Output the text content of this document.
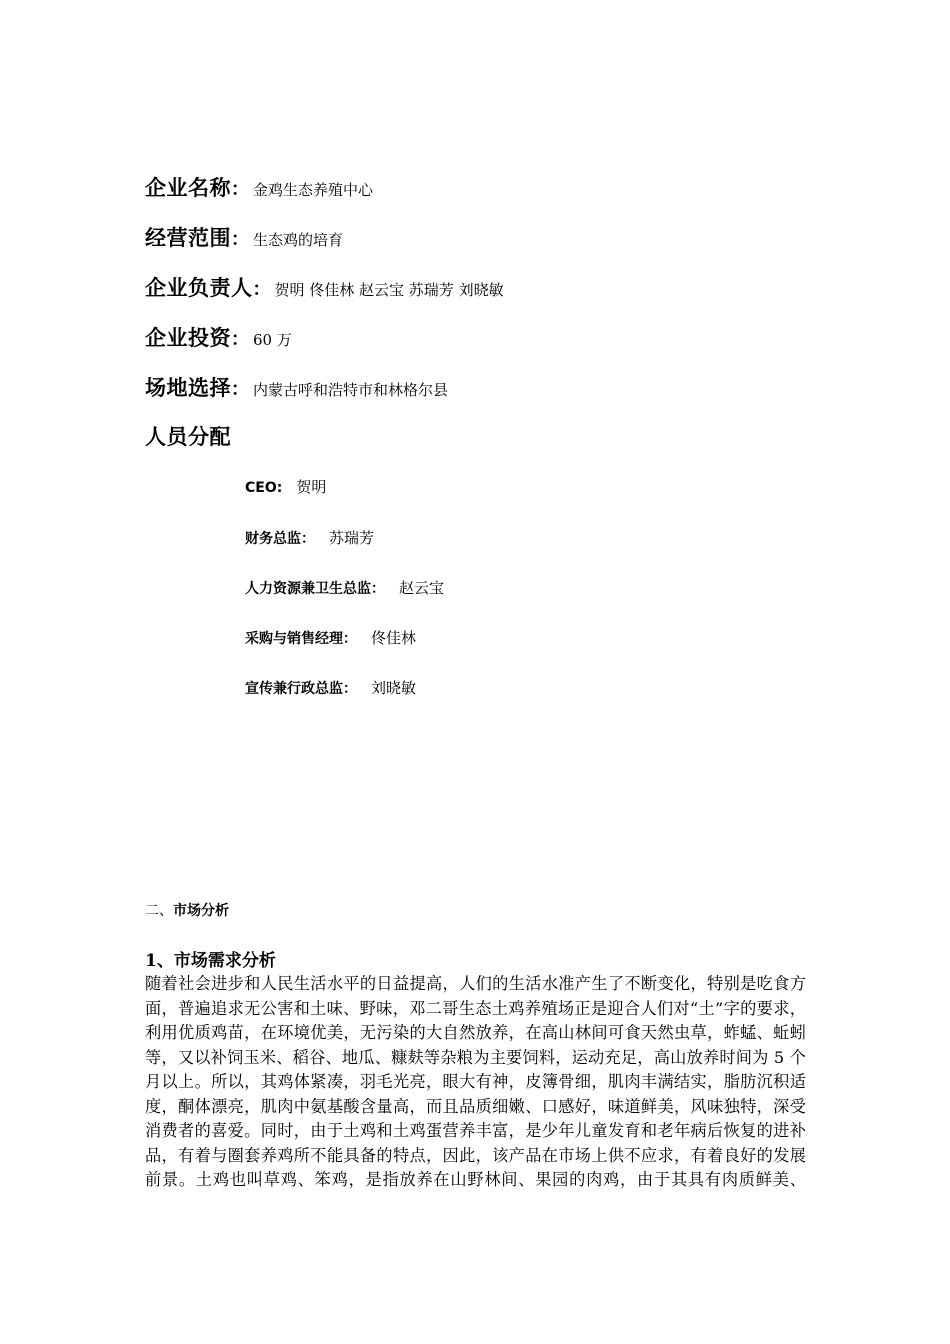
企业名称： 金鸡生态养殖中心
经营范围： 生态鸡的培育
企业负责人： 贺明 佟佳林 赵云宝 苏瑞芳 刘晓敏
企业投资： 60 万
场地选择： 内蒙古呼和浩特市和林格尔县
人员分配
CEO: 贺明
财务总监： 苏瑞芳
人力资源兼卫生总监： 赵云宝
采购与销售经理： 佟佳林
宣传兼行政总监： 刘晓敏
二、市场分析
1、市场需求分析
随着社会进步和人民生活水平的日益提高，人们的生活水准产生了不断变化，特别是吃食方面，普遍追求无公害和土味、野味，邓二哥生态土鸡养殖场正是迎合人们对“土”字的要求，利用优质鸡苗，在环境优美，无污染的大自然放养，在高山林间可食天然虫草，蚱蜢、蚯蚓等，又以补饲玉米、稻谷、地瓜、糠麸等杂粮为主要饲料，运动充足，高山放养时间为 5 个月以上。所以，其鸡体紧凑，羽毛光亮，眼大有神，皮簿骨细，肌肉丰满结实，脂肪沉积适度，酮体漂亮，肌肉中氨基酸含量高，而且品质细嫩、口感好，味道鲜美，风味独特，深受消费者的喜爱。同时，由于土鸡和土鸡蛋营养丰富，是少年儿童发育和老年病后恢复的进补品，有着与圈套养鸡所不能具备的特点，因此，该产品在市场上供不应求，有着良好的发展前景。土鸡也叫草鸡、笨鸡，是指放养在山野林间、果园的肉鸡，由于其具有肉质鲜美、
